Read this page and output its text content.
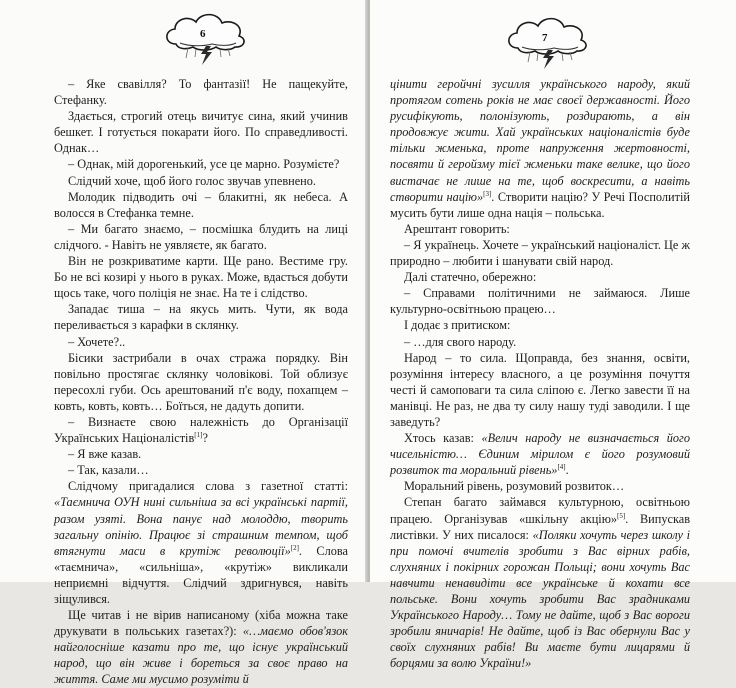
6

– Яке свавілля? То фантазії! Не пащекуйте, Стефанку.

Здається, строгий отець вичитує сина, який учинив бешкет. І готується покарати його. По справедливості. Однак…

– Однак, мій дорогенький, усе це марно. Розумієте?

Слідчий хоче, щоб його голос звучав упевнено.

Молодик підводить очі – блакитні, як небеса. А волосся в Стефанка темне.

– Ми багато знаємо, – посмішка блудить на лиці слідчого. - Навіть не уявляєте, як багато.

Він не розкриватиме карти. Ще рано. Вестиме гру. Бо не всі козирі у нього в руках. Може, вдасться добути щось таке, чого поліція не знає. На те і слідство.

Западає тиша – на якусь мить. Чути, як вода переливається з карафки в склянку.

– Хочете?..

Бісики застрибали в очах стража порядку. Він повільно простягає склянку чоловікові. Той облизує пересохлі губи. Ось арештований п'є воду, похапцем – ковть, ковть, ковть… Боїться, не дадуть допити.

– Визнаєте свою належність до Організації Українських Націоналістів[1]?

– Я вже казав.

– Так, казали…

Слідчому пригадалися слова з газетної статті: «Таємнича ОУН нині сильніша за всі українські партії, разом узяті. Вона панує над молоддю, творить загальну опінію. Працює зі страшним темпом, щоб втягнути маси в крутіж революції»[2]. Слова «таємнича», «сильніша», «крутіж» викликали неприємні відчуття. Слідчий здригнувся, навіть зіщулився.

Ще читав і не вірив написаному (хіба можна таке друкувати в польських газетах?): «…маємо обов'язок найголосніше казати про те, що існує український народ, що він живе і бореться за своє право на життя. Саме ми мусимо розуміти й

7

цінити геройчні зусилля українського народу, який протягом сотень років не має своєї державності. Його русифікують, полонізують, роздирають, а він продовжує жити. Хай українських націоналістів буде тільки жменька, проте напруження жертовності, посвяти й геройзму тієї жменьки таке велике, що його вистачає не лише на те, щоб воскресити, а навіть створити націю»[3]. Створити націю? У Речі Посполитій мусить бути лише одна нація – польська.

Арештант говорить:

– Я українець. Хочете – український націоналіст. Це ж природно – любити і шанувати свій народ.

Далі статечно, обережно:

– Справами політичними не займаюся. Лише культурно-освітньою працею…

І додає з притиском:

– …для свого народу.

Народ – то сила. Щоправда, без знання, освіти, розуміння інтересу власного, а це розуміння почуття честі й самоповаги та сила сліпою є. Легко завести її на манівці. Не раз, не два ту силу нашу тудi заводили. І ще заведуть?

Хтось казав: «Велич народу не визначається його чисельністю… Єдиним мірилом є його розумовий розвиток та моральний рівень»[4].

Моральний рівень, розумовий розвиток…

Степан багато займався культурною, освітньою працею. Організував «шкільну акцію»[5]. Випускав листівки. У них писалося: «Поляки хочуть через школу і при помочі вчителів зробити з Вас вірних рабів, слухняних і покірних горожан Польщі; вони хочуть Вас навчити ненавидіти все українське й кохати все польське. Вони хочуть зробити Вас зрадниками Українського Народу… Тому не дайте, щоб з Вас вороги зробили яничарів! Не дайте, щоб із Вас обернули Вас у своїх слухняних рабів! Ви маєте бути лицарями й борцями за волю України!»
